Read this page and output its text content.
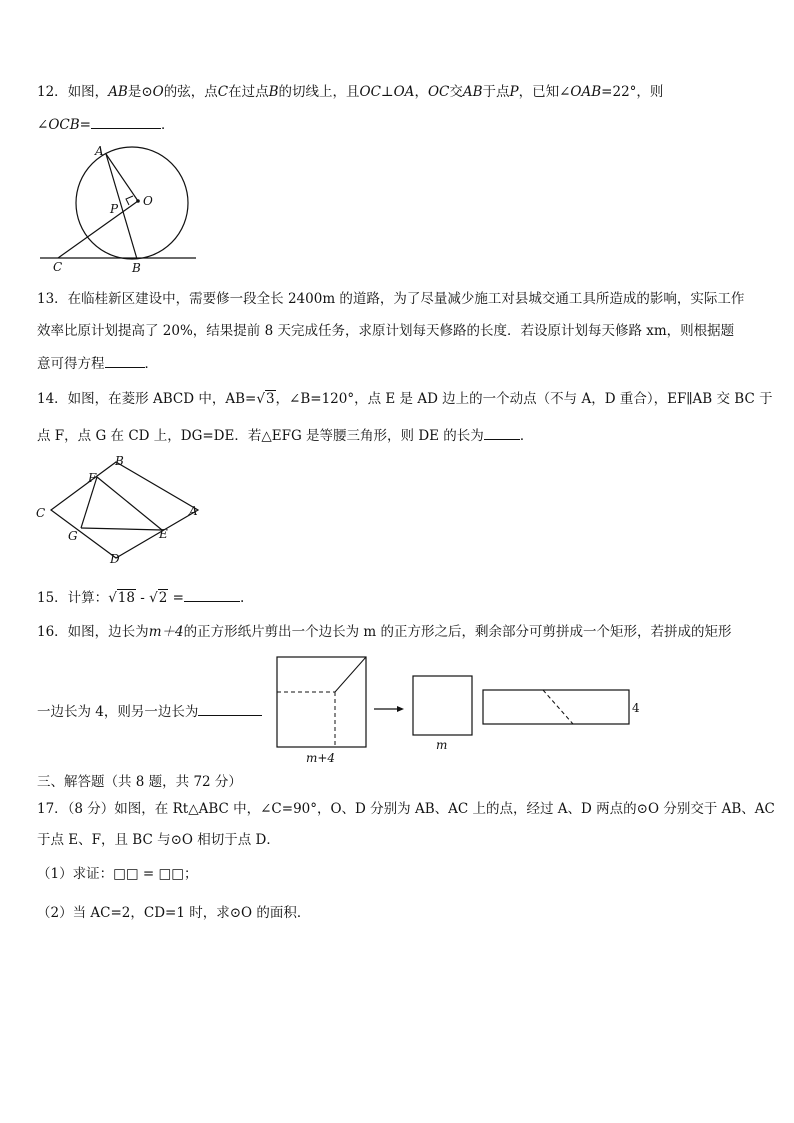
12．如图，AB是⊙O的弦，点C在过点B的切线上，且OC⊥OA，OC交AB于点P，已知∠OAB=22°，则
∠OCB=	．
A
P
O
C	B
13．在临桂新区建设中，需要修一段全长 2400m 的道路，为了尽量减少施工对县城交通工具所造成的影响，实际工作
效率比原计划提高了 20%，结果提前 8 天完成任务，求原计划每天修路的长度．若设原计划每天修路 xm，则根据题
意可得方程	．
14．如图，在菱形 ABCD 中，AB=√3，∠B=120°，点 E 是 AD 边上的一个动点（不与 A，D 重合），EF∥AB 交 BC 于
点 F，点 G 在 CD 上，DG=DE．若△EFG 是等腰三角形，则 DE 的长为	．
B
F
C	A
G	E
D
15．计算：√18 - √2 =	.
16．如图，边长为m＋4的正方形纸片剪出一个边长为 m 的正方形之后，剩余部分可剪拼成一个矩形，若拼成的矩形
一边长为 4，则另一边长为
m+4
m
4
三、解答题（共 8 题，共 72 分）
17．（8 分）如图，在 Rt△ABC 中，∠C=90°，O、D 分别为 AB、AC 上的点，经过 A、D 两点的⊙O 分别交于 AB、AC
于点 E、F，且 BC 与⊙O 相切于点 D．
（1）求证：□□ = □□；
（2）当 AC=2，CD=1 时，求⊙O 的面积．
